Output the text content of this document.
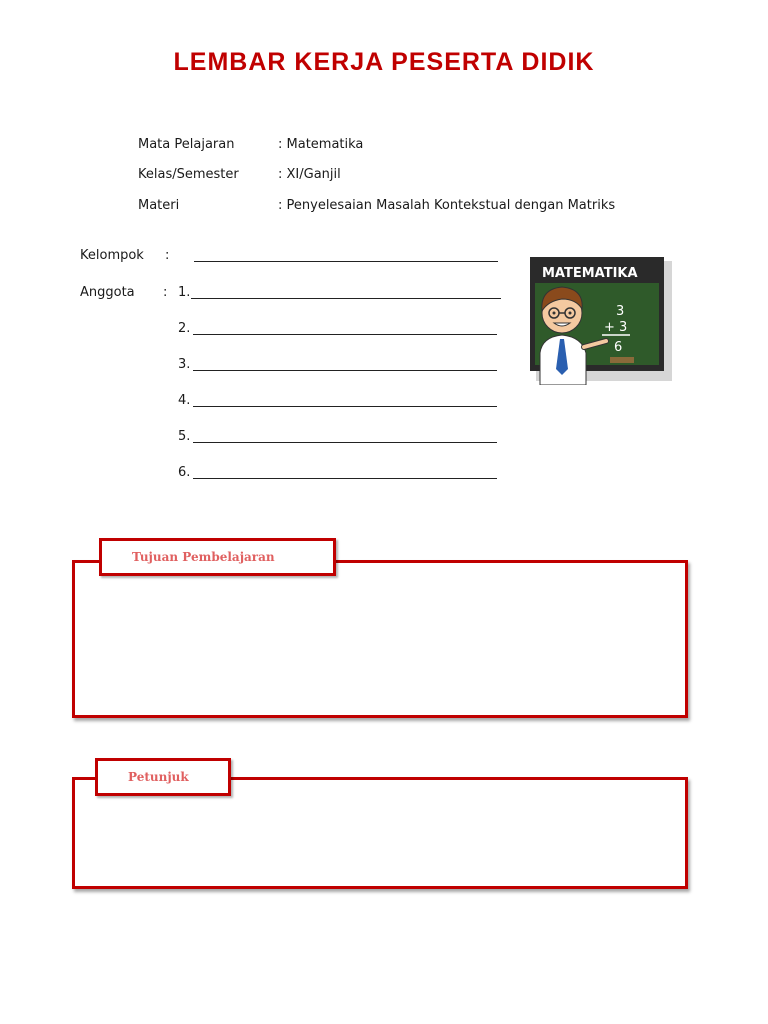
LEMBAR KERJA PESERTA DIDIK
Mata Pelajaran	: Matematika
Kelas/Semester	: XI/Ganjil
Materi	: Penyelesaian Masalah Kontekstual dengan Matriks
Kelompok :
Anggota : 1.
2.
3.
4.
5.
6.
MATEMATIKA
3
+ 3
6
Tujuan Pembelajaran
Petunjuk
